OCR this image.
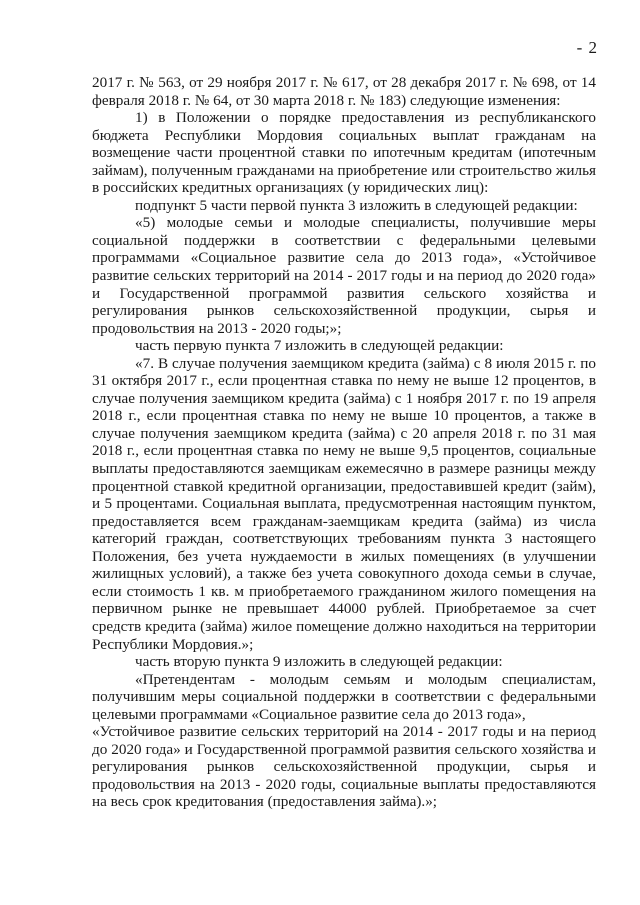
- 2

2017 г. № 563, от 29 ноября 2017 г. № 617, от 28 декабря 2017 г. № 698, от 14 февраля 2018 г. № 64, от 30 марта 2018 г. № 183) следующие изменения:

1) в Положении о порядке предоставления из республиканского бюджета Республики Мордовия социальных выплат гражданам на возмещение части процентной ставки по ипотечным кредитам (ипотечным займам), полученным гражданами на приобретение или строительство жилья в российских кредитных организациях (у юридических лиц):

подпункт 5 части первой пункта 3 изложить в следующей редакции:

«5) молодые семьи и молодые специалисты, получившие меры социальной поддержки в соответствии с федеральными целевыми программами «Социальное развитие села до 2013 года», «Устойчивое развитие сельских территорий на 2014 - 2017 годы и на период до 2020 года» и Государственной программой развития сельского хозяйства и регулирования рынков сельскохозяйственной продукции, сырья и продовольствия на 2013 - 2020 годы;»;

часть первую пункта 7 изложить в следующей редакции:

«7. В случае получения заемщиком кредита (займа) с 8 июля 2015 г. по 31 октября 2017 г., если процентная ставка по нему не выше 12 процентов, в случае получения заемщиком кредита (займа) с 1 ноября 2017 г. по 19 апреля 2018 г., если процентная ставка по нему не выше 10 процентов, а также в случае получения заемщиком кредита (займа) с 20 апреля 2018 г. по 31 мая 2018 г., если процентная ставка по нему не выше 9,5 процентов, социальные выплаты предоставляются заемщикам ежемесячно в размере разницы между процентной ставкой кредитной организации, предоставившей кредит (займ), и 5 процентами. Социальная выплата, предусмотренная настоящим пунктом, предоставляется всем гражданам-заемщикам кредита (займа) из числа категорий граждан, соответствующих требованиям пункта 3 настоящего Положения, без учета нуждаемости в жилых помещениях (в улучшении жилищных условий), а также без учета совокупного дохода семьи в случае, если стоимость 1 кв. м приобретаемого гражданином жилого помещения на первичном рынке не превышает 44000 рублей. Приобретаемое за счет средств кредита (займа) жилое помещение должно находиться на территории Республики Мордовия.»;

часть вторую пункта 9 изложить в следующей редакции:

«Претендентам - молодым семьям и молодым специалистам, получившим меры социальной поддержки в соответствии с федеральными целевыми программами «Социальное развитие села до 2013 года»,

«Устойчивое развитие сельских территорий на 2014 - 2017 годы и на период до 2020 года» и Государственной программой развития сельского хозяйства и регулирования рынков сельскохозяйственной продукции, сырья и продовольствия на 2013 - 2020 годы, социальные выплаты предоставляются на весь срок кредитования (предоставления займа).»;
